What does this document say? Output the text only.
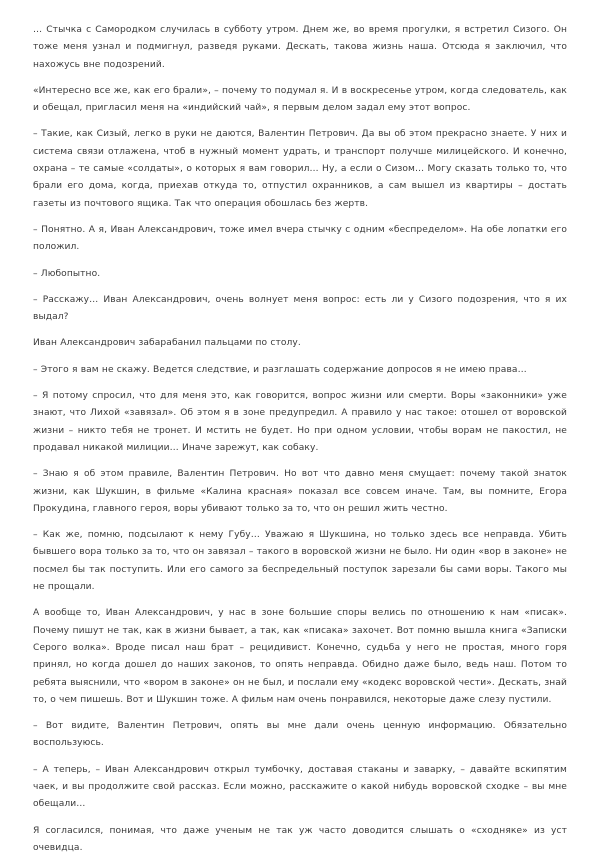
… Стычка с Самородком случилась в субботу утром. Днем же, во время прогулки, я встретил Сизого. Он тоже меня узнал и подмигнул, разведя руками. Дескать, такова жизнь наша. Отсюда я заключил, что нахожусь вне подозрений.

«Интересно все же, как его брали», – почему то подумал я. И в воскресенье утром, когда следователь, как и обещал, пригласил меня на «индийский чай», я первым делом задал ему этот вопрос.

– Такие, как Сизый, легко в руки не даются, Валентин Петрович. Да вы об этом прекрасно знаете. У них и система связи отлажена, чтоб в нужный момент удрать, и транспорт получше милицейского. И конечно, охрана – те самые «солдаты», о которых я вам говорил… Ну, а если о Сизом… Могу сказать только то, что брали его дома, когда, приехав откуда то, отпустил охранников, а сам вышел из квартиры – достать газеты из почтового ящика. Так что операция обошлась без жертв.

– Понятно. А я, Иван Александрович, тоже имел вчера стычку с одним «беспределом». На обе лопатки его положил.

– Любопытно.

– Расскажу… Иван Александрович, очень волнует меня вопрос: есть ли у Сизого подозрения, что я их выдал?

Иван Александрович забарабанил пальцами по столу.

– Этого я вам не скажу. Ведется следствие, и разглашать содержание допросов я не имею права…

– Я потому спросил, что для меня это, как говорится, вопрос жизни или смерти. Воры «законники» уже знают, что Лихой «завязал». Об этом я в зоне предупредил. А правило у нас такое: отошел от воровской жизни – никто тебя не тронет. И мстить не будет. Но при одном условии, чтобы ворам не пакостил, не продавал никакой милиции… Иначе зарежут, как собаку.

– Знаю я об этом правиле, Валентин Петрович. Но вот что давно меня смущает: почему такой знаток жизни, как Шукшин, в фильме «Калина красная» показал все совсем иначе. Там, вы помните, Егора Прокудина, главного героя, воры убивают только за то, что он решил жить честно.

– Как же, помню, подсылают к нему Губу… Уважаю я Шукшина, но только здесь все неправда. Убить бывшего вора только за то, что он завязал – такого в воровской жизни не было. Ни один «вор в законе» не посмел бы так поступить. Или его самого за беспредельный поступок зарезали бы сами воры. Такого мы не прощали.

А вообще то, Иван Александрович, у нас в зоне большие споры велись по отношению к нам «писак». Почему пишут не так, как в жизни бывает, а так, как «писака» захочет. Вот помню вышла книга «Записки Серого волка». Вроде писал наш брат – рецидивист. Конечно, судьба у него не простая, много горя принял, но когда дошел до наших законов, то опять неправда. Обидно даже было, ведь наш. Потом то ребята выяснили, что «вором в законе» он не был, и послали ему «кодекс воровской чести». Дескать, знай то, о чем пишешь. Вот и Шукшин тоже. А фильм нам очень понравился, некоторые даже слезу пустили.

– Вот видите, Валентин Петрович, опять вы мне дали очень ценную информацию. Обязательно воспользуюсь.

– А теперь, – Иван Александрович открыл тумбочку, доставая стаканы и заварку, – давайте вскипятим чаек, и вы продолжите свой рассказ. Если можно, расскажите о какой нибудь воровской сходке – вы мне обещали…

Я согласился, понимая, что даже ученым не так уж часто доводится слышать о «сходняке» из уст очевидца.
